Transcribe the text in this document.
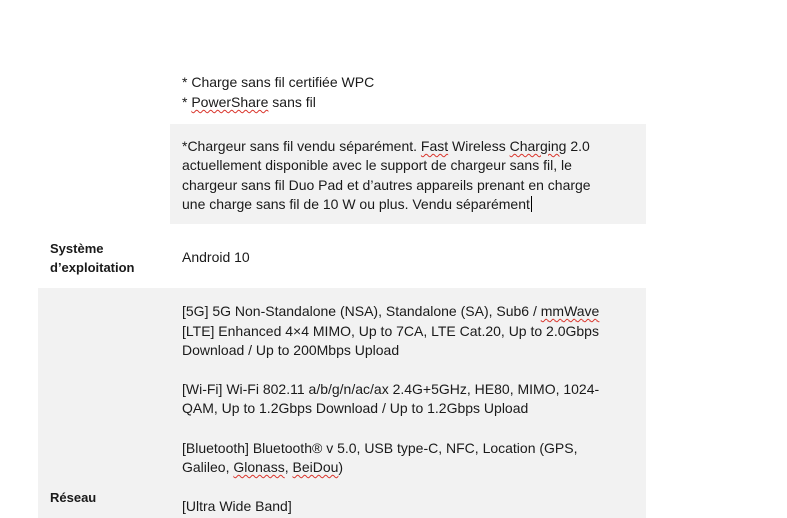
* Charge sans fil certifiée WPC
* PowerShare sans fil
*Chargeur sans fil vendu séparément. Fast Wireless Charging 2.0
actuellement disponible avec le support de chargeur sans fil, le
chargeur sans fil Duo Pad et d’autres appareils prenant en charge
une charge sans fil de 10 W ou plus. Vendu séparément
Système
d’exploitation
Android 10
[5G] 5G Non-Standalone (NSA), Standalone (SA), Sub6 / mmWave
[LTE] Enhanced 4×4 MIMO, Up to 7CA, LTE Cat.20, Up to 2.0Gbps
Download / Up to 200Mbps Upload
[Wi-Fi] Wi-Fi 802.11 a/b/g/n/ac/ax 2.4G+5GHz, HE80, MIMO, 1024-
QAM, Up to 1.2Gbps Download / Up to 1.2Gbps Upload
[Bluetooth] Bluetooth® v 5.0, USB type-C, NFC, Location (GPS,
Galileo, Glonass, BeiDou)
Réseau
[Ultra Wide Band]
